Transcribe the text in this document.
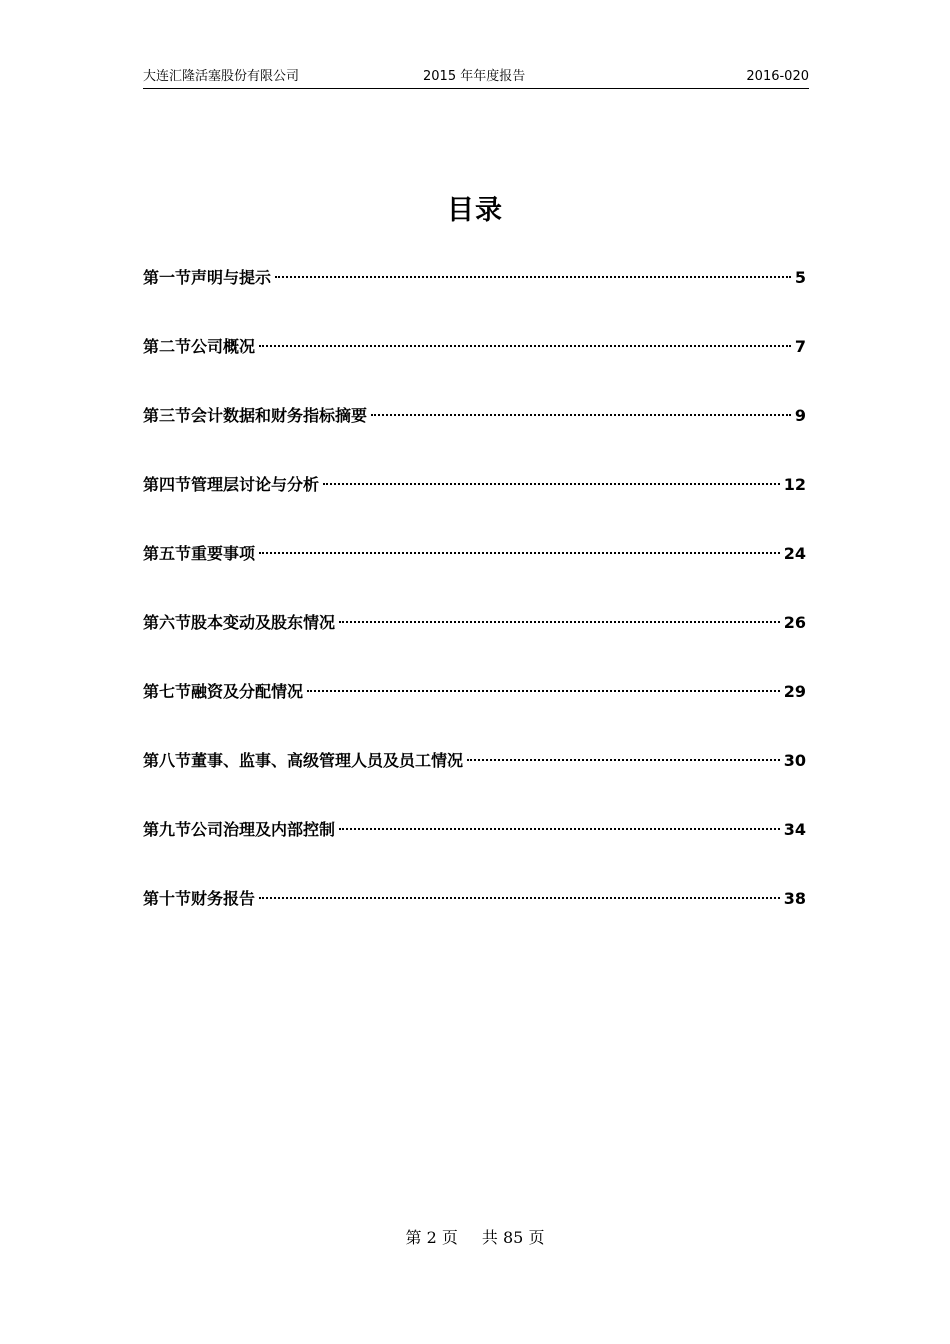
大连汇隆活塞股份有限公司	2015 年年度报告	2016-020
目录
第一节声明与提示	5
第二节公司概况	7
第三节会计数据和财务指标摘要	9
第四节管理层讨论与分析	12
第五节重要事项	24
第六节股本变动及股东情况	26
第七节融资及分配情况	29
第八节董事、监事、高级管理人员及员工情况	30
第九节公司治理及内部控制	34
第十节财务报告	38
第 2 页 共 85 页
